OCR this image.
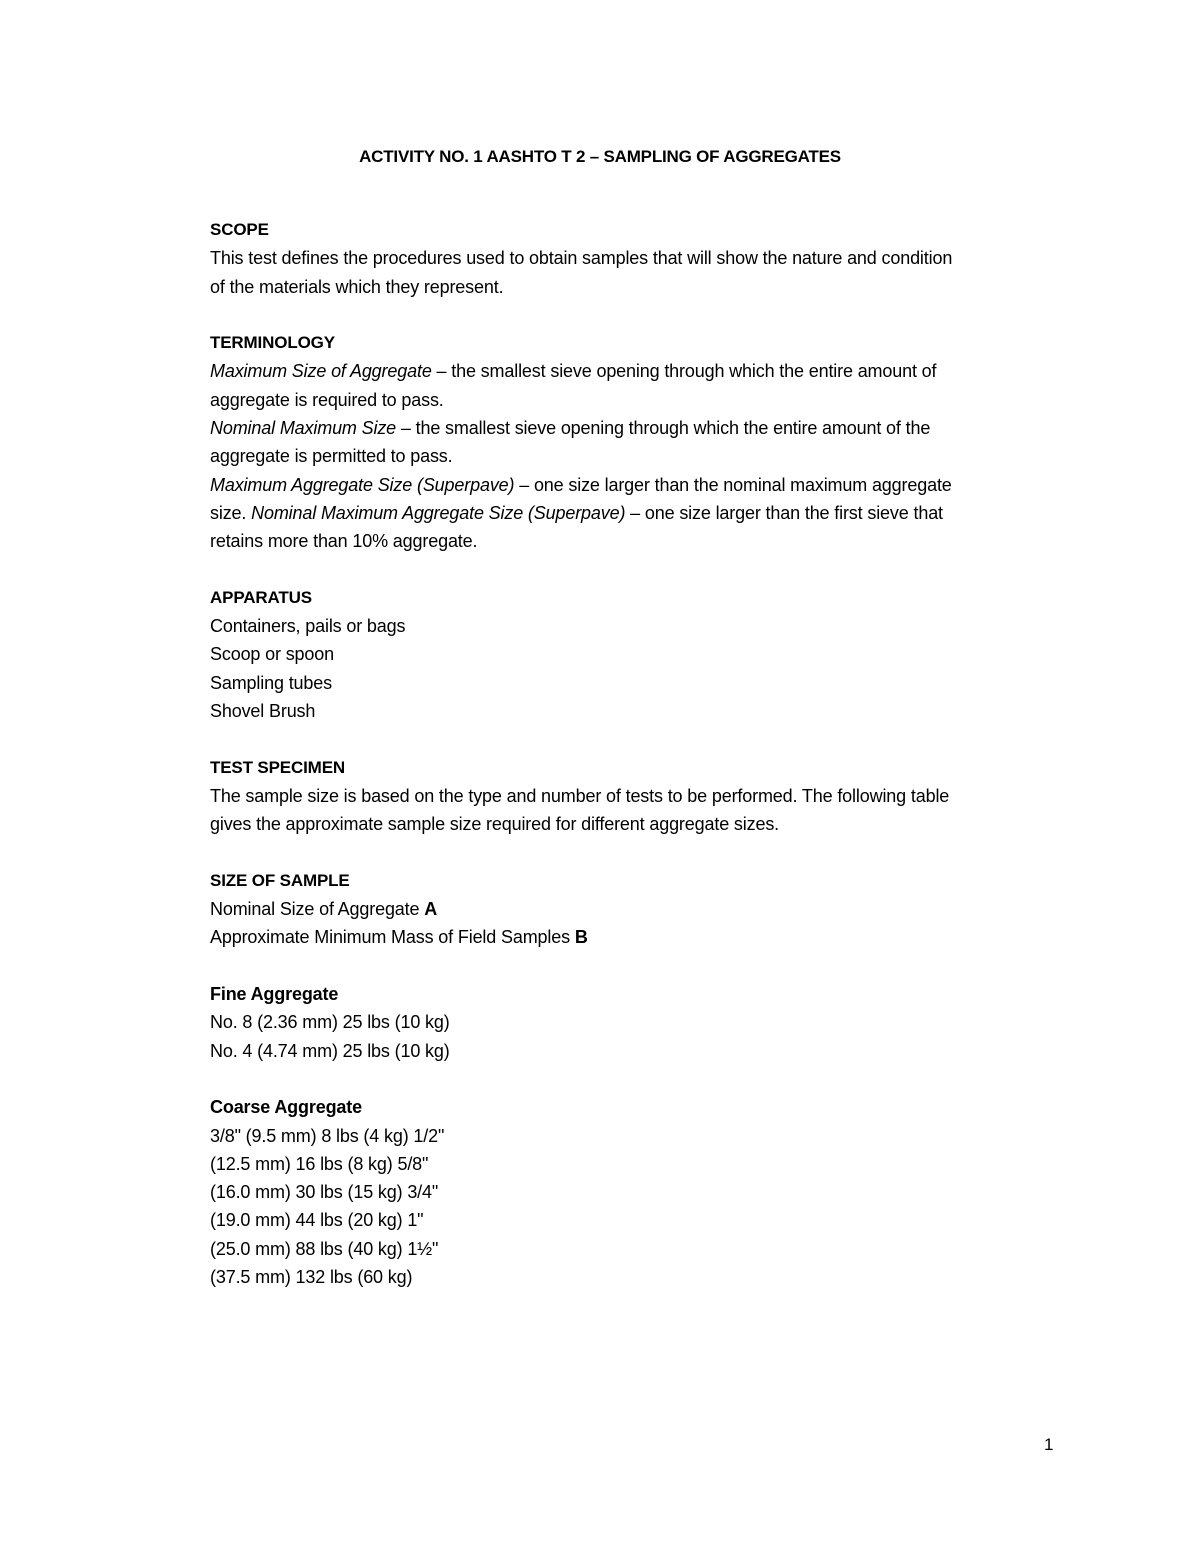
ACTIVITY NO. 1 AASHTO T 2 – SAMPLING OF AGGREGATES
SCOPE
This test defines the procedures used to obtain samples that will show the nature and condition
of the materials which they represent.
TERMINOLOGY
Maximum Size of Aggregate – the smallest sieve opening through which the entire amount of
aggregate is required to pass.
Nominal Maximum Size – the smallest sieve opening through which the entire amount of the
aggregate is permitted to pass.
Maximum Aggregate Size (Superpave) – one size larger than the nominal maximum aggregate
size. Nominal Maximum Aggregate Size (Superpave) – one size larger than the first sieve that
retains more than 10% aggregate.
APPARATUS
Containers, pails or bags
Scoop or spoon
Sampling tubes
Shovel Brush
TEST SPECIMEN
The sample size is based on the type and number of tests to be performed. The following table
gives the approximate sample size required for different aggregate sizes.
SIZE OF SAMPLE
Nominal Size of Aggregate A
Approximate Minimum Mass of Field Samples B
Fine Aggregate
No. 8 (2.36 mm) 25 lbs (10 kg)
No. 4 (4.74 mm) 25 lbs (10 kg)
Coarse Aggregate
3/8" (9.5 mm) 8 lbs (4 kg) 1/2"
(12.5 mm) 16 lbs (8 kg) 5/8"
(16.0 mm) 30 lbs (15 kg) 3/4"
(19.0 mm) 44 lbs (20 kg) 1"
(25.0 mm) 88 lbs (40 kg) 1½"
(37.5 mm) 132 lbs (60 kg)
1
